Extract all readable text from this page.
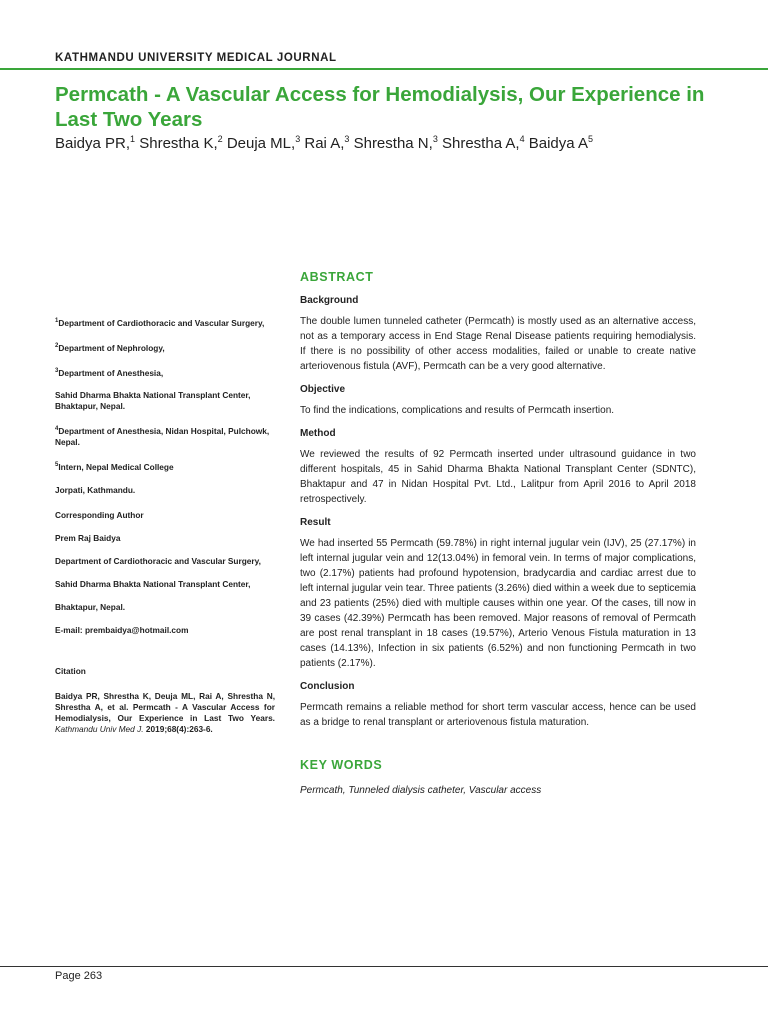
KATHMANDU UNIVERSITY MEDICAL JOURNAL
Permcath - A Vascular Access for Hemodialysis, Our Experience in Last Two Years
Baidya PR,$^1$ Shrestha K,$^2$ Deuja ML,$^3$ Rai A,$^3$ Shrestha N,$^3$ Shrestha A,$^4$ Baidya $A^5$

$^1$Department of Cardiothoracic and Vascular Surgery,

$^2$Department of Nephrology,

$^3$Department of Anesthesia,

Sahid Dharma Bhakta National Transplant Center, Bhaktapur, Nepal.

$^4$Department of Anesthesia, Nidan Hospital, Pulchowk, Nepal.

$^5$Intern, Nepal Medical College

Jorpati, Kathmandu.

Corresponding Author

Prem Raj Baidya

Department of Cardiothoracic and Vascular Surgery,

Sahid Dharma Bhakta National Transplant Center,

Bhaktapur, Nepal.

E-mail: prembaidya@hotmail.com

Citation

Baidya PR, Shrestha K, Deuja ML, Rai A, Shrestha N, Shrestha A, et al. Permcath - A Vascular Access for Hemodialysis, Our Experience in Last Two Years. Kathmandu Univ Med J. 2019;68(4):263-6.

ABSTRACT

Background

The double lumen tunneled catheter (Permcath) is mostly used as an alternative access, not as a temporary access in End Stage Renal Disease patients requiring hemodialysis. If there is no possibility of other access modalities, failed or unable to create native arteriovenous fistula (AVF), Permcath can be a very good alternative.

Objective

To find the indications, complications and results of Permcath insertion.

Method

We reviewed the results of 92 Permcath inserted under ultrasound guidance in two different hospitals, 45 in Sahid Dharma Bhakta National Transplant Center (SDNTC), Bhaktapur and 47 in Nidan Hospital Pvt. Ltd., Lalitpur from April 2016 to April 2018 retrospectively.

Result

We had inserted 55 Permcath (59.78%) in right internal jugular vein (IJV), 25 (27.17%) in left internal jugular vein and 12(13.04%) in femoral vein. In terms of major complications, two (2.17%) patients had profound hypotension, bradycardia and cardiac arrest due to left internal jugular vein tear. Three patients (3.26%) died within a week due to septicemia and 23 patients (25%) died with multiple causes within one year. Of the cases, till now in 39 cases (42.39%) Permcath has been removed. Major reasons of removal of Permcath are post renal transplant in 18 cases (19.57%), Arterio Venous Fistula maturation in 13 cases (14.13%), Infection in six patients (6.52%) and non functioning Permcath in two patients (2.17%).

Conclusion

Permcath remains a reliable method for short term vascular access, hence can be used as a bridge to renal transplant or arteriovenous fistula maturation.

KEY WORDS

Permcath, Tunneled dialysis catheter, Vascular access

Page 263
